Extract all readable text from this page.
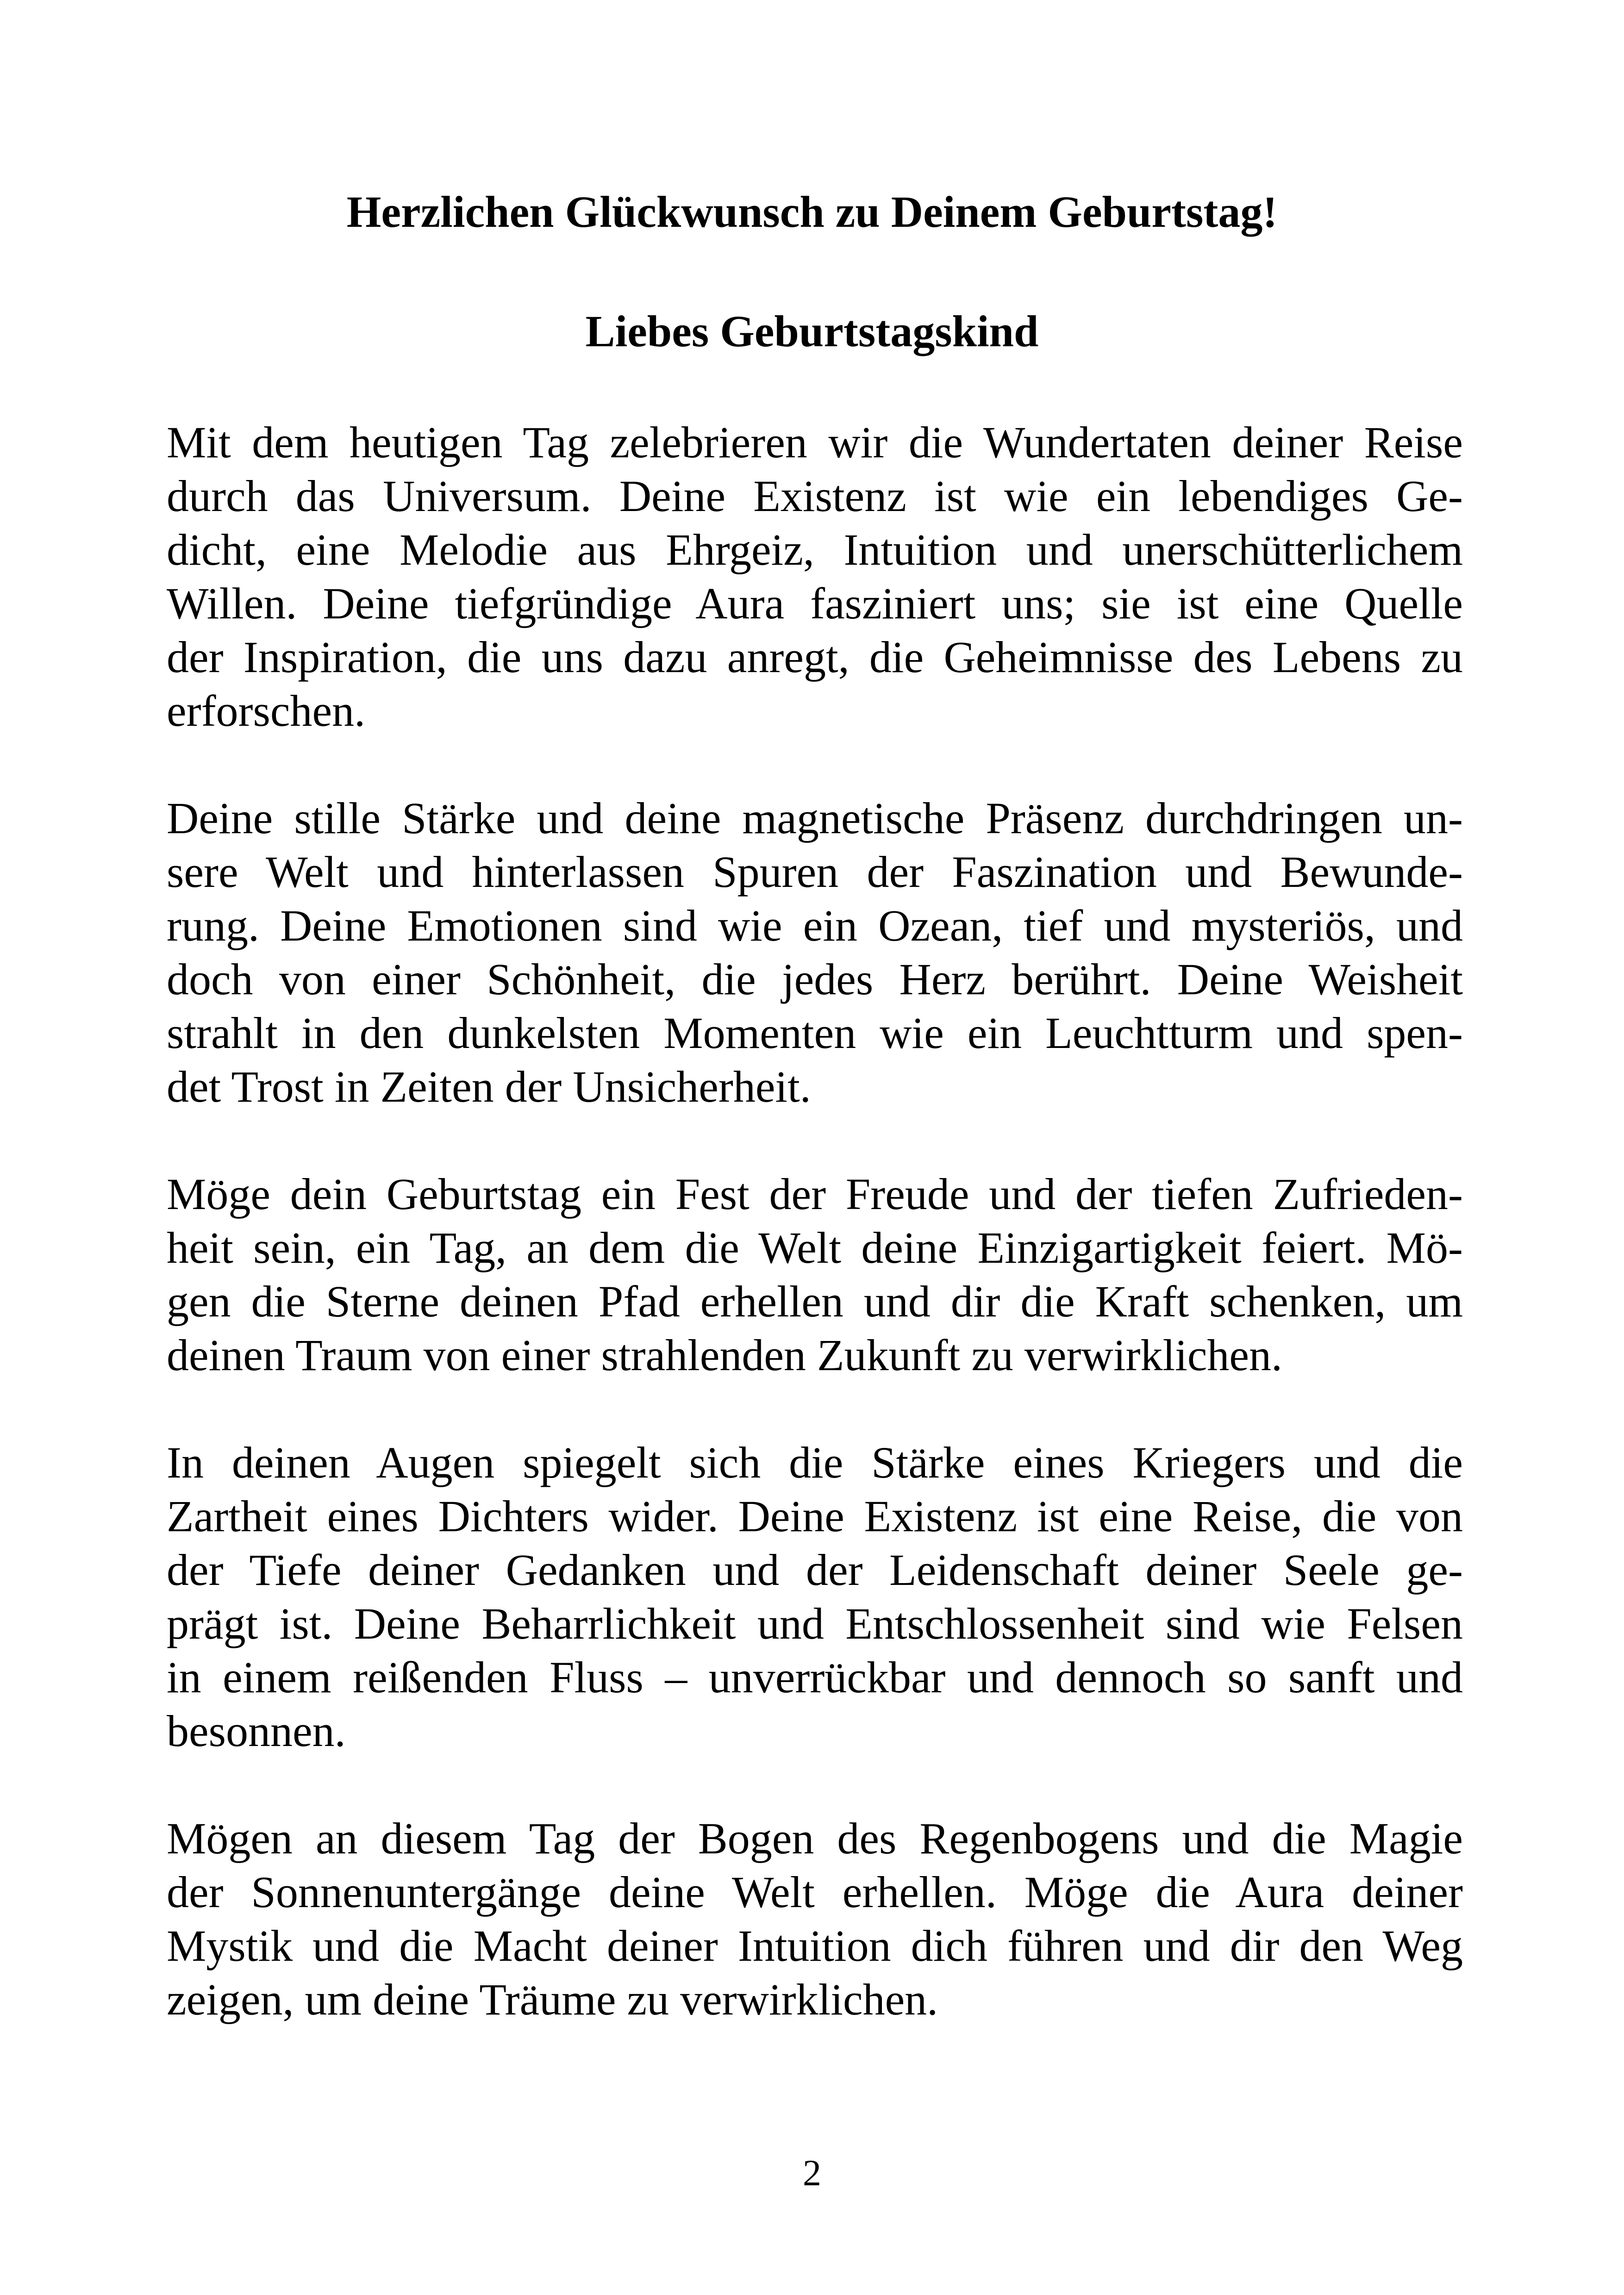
Herzlichen Glückwunsch zu Deinem Geburtstag!
Liebes Geburtstagskind
Mit dem heutigen Tag zelebrieren wir die Wundertaten deiner Reise
durch das Universum. Deine Existenz ist wie ein lebendiges Ge-
dicht, eine Melodie aus Ehrgeiz, Intuition und unerschütterlichem
Willen. Deine tiefgründige Aura fasziniert uns; sie ist eine Quelle
der Inspiration, die uns dazu anregt, die Geheimnisse des Lebens zu
erforschen.
Deine stille Stärke und deine magnetische Präsenz durchdringen un-
sere Welt und hinterlassen Spuren der Faszination und Bewunde-
rung. Deine Emotionen sind wie ein Ozean, tief und mysteriös, und
doch von einer Schönheit, die jedes Herz berührt. Deine Weisheit
strahlt in den dunkelsten Momenten wie ein Leuchtturm und spen-
det Trost in Zeiten der Unsicherheit.
Möge dein Geburtstag ein Fest der Freude und der tiefen Zufrieden-
heit sein, ein Tag, an dem die Welt deine Einzigartigkeit feiert. Mö-
gen die Sterne deinen Pfad erhellen und dir die Kraft schenken, um
deinen Traum von einer strahlenden Zukunft zu verwirklichen.
In deinen Augen spiegelt sich die Stärke eines Kriegers und die
Zartheit eines Dichters wider. Deine Existenz ist eine Reise, die von
der Tiefe deiner Gedanken und der Leidenschaft deiner Seele ge-
prägt ist. Deine Beharrlichkeit und Entschlossenheit sind wie Felsen
in einem reißenden Fluss – unverrückbar und dennoch so sanft und
besonnen.
Mögen an diesem Tag der Bogen des Regenbogens und die Magie
der Sonnenuntergänge deine Welt erhellen. Möge die Aura deiner
Mystik und die Macht deiner Intuition dich führen und dir den Weg
zeigen, um deine Träume zu verwirklichen.
2
